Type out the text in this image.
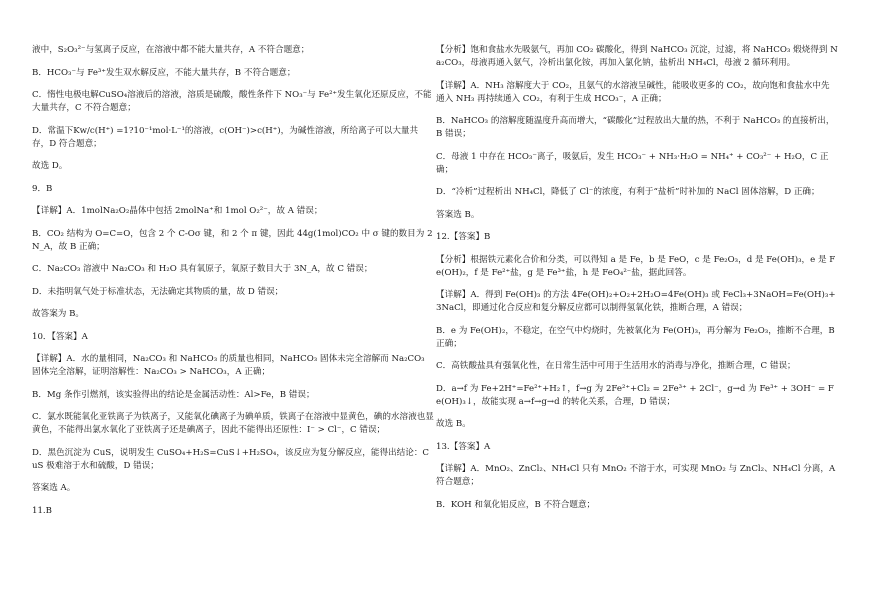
液中，S₂O₃²⁻与氢离子反应，在溶液中都不能大量共存，A 不符合题意；

B．HCO₃⁻与 Fe³⁺发生双水解反应，不能大量共存，B 不符合题意；

C．惰性电极电解CuSO₄溶液后的溶液，溶质是硫酸，酸性条件下 NO₃⁻与 Fe²⁺发生氧化还原反应，不能大量共存，C 不符合题意；

D．常温下Kw/c(H⁺) =1?10⁻¹mol·L⁻¹的溶液，c(OH⁻)>c(H⁺)，为碱性溶液，所给离子可以大量共存，D 符合题意；

故选 D。

9．B

【详解】A．1molNa₂O₂晶体中包括 2molNa⁺和 1mol O₂²⁻，故 A 错误；

B．CO₂ 结构为 O=C=O，包含 2 个 C-Oσ 键，和 2 个 π 键，因此 44g(1mol)CO₂ 中 σ 键的数目为 2N_A，故 B 正确；

C．Na₂CO₃ 溶液中 Na₂CO₃ 和 H₂O 具有氧原子，氧原子数目大于 3N_A，故 C 错误；

D．未指明氧气处于标准状态，无法确定其物质的量，故 D 错误；

故答案为 B。

10．【答案】A

【详解】A．水的量相同，Na₂CO₃ 和 NaHCO₃ 的质量也相同，NaHCO₃ 固体未完全溶解而 Na₂CO₃ 固体完全溶解，证明溶解性：Na₂CO₃ > NaHCO₃，A 正确；

B．Mg 条作引燃剂，该实验得出的结论是金属活动性：Al>Fe，B 错误；

C．氯水既能氧化亚铁离子为铁离子，又能氧化碘离子为碘单质，铁离子在溶液中显黄色，碘的水溶液也显黄色，不能得出氯水氧化了亚铁离子还是碘离子，因此不能得出还原性：I⁻ > Cl⁻，C 错误；

D．黑色沉淀为 CuS，说明发生 CuSO₄+H₂S=CuS↓+H₂SO₄，该反应为复分解反应，能得出结论：CuS 极难溶于水和硫酸，D 错误；

答案选 A。

11.B

【分析】饱和食盐水先吸氨气，再加 CO₂ 碳酸化，得到 NaHCO₃ 沉淀，过滤，将 NaHCO₃ 煅烧得到 Na₂CO₃，母液再通入氨气，冷析出氯化铵，再加入氯化钠，盐析出 NH₄Cl，母液 2 循环利用。

【详解】A．NH₃ 溶解度大于 CO₂，且氨气的水溶液呈碱性，能吸收更多的 CO₂，故向饱和食盐水中先通入 NH₃ 再持续通入 CO₂，有利于生成 HCO₃⁻，A 正确；

B．NaHCO₃ 的溶解度随温度升高而增大，“碳酸化”过程放出大量的热，不利于 NaHCO₃ 的直接析出，B 错误；

C．母液 1 中存在 HCO₃⁻离子，吸氨后，发生 HCO₃⁻ + NH₃·H₂O = NH₄⁺ + CO₃²⁻ + H₂O，C 正确；

D．“冷析”过程析出 NH₄Cl，降低了 Cl⁻的浓度，有利于“盐析”时补加的 NaCl 固体溶解，D 正确；

答案选 B。

12.【答案】B

【分析】根据铁元素化合价和分类，可以得知 a 是 Fe，b 是 FeO，c 是 Fe₂O₃，d 是 Fe(OH)₃，e 是 Fe(OH)₂，f 是 Fe²⁺盐，g 是 Fe³⁺盐，h 是 FeO₄²⁻盐，据此回答。

【详解】A．得到 Fe(OH)₃ 的方法 4Fe(OH)₂+O₂+2H₂O=4Fe(OH)₃ 或 FeCl₃+3NaOH=Fe(OH)₃+3NaCl，即通过化合反应和复分解反应都可以制得氢氧化铁，推断合理，A 错误；

B．e 为 Fe(OH)₂，不稳定，在空气中灼烧时，先被氧化为 Fe(OH)₃，再分解为 Fe₂O₃，推断不合理，B 正确；

C．高铁酸盐具有强氧化性，在日常生活中可用于生活用水的消毒与净化，推断合理，C 错误；

D．a→f 为 Fe+2H⁺=Fe²⁺+H₂↑，f→g 为 2Fe²⁺+Cl₂ = 2Fe³⁺ + 2Cl⁻，g→d 为 Fe³⁺ + 3OH⁻ = Fe(OH)₃↓，故能实现 a→f→g→d 的转化关系，合理，D 错误；

故选 B。

13.【答案】A

【详解】A．MnO₂、ZnCl₂、NH₄Cl 只有 MnO₂ 不溶于水，可实现 MnO₂ 与 ZnCl₂、NH₄Cl 分离，A 符合题意；

B．KOH 和氧化铝反应，B 不符合题意；
